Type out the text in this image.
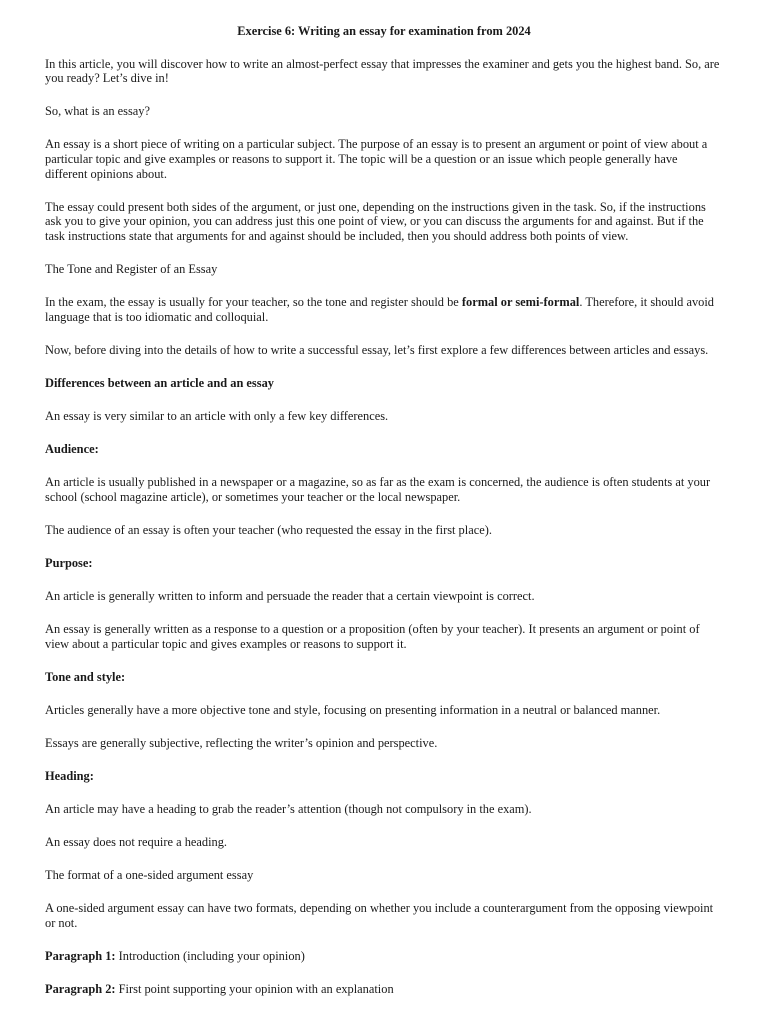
Exercise 6: Writing an essay for examination from 2024
In this article, you will discover how to write an almost-perfect essay that impresses the examiner and gets you the highest band. So, are you ready? Let’s dive in!
So, what is an essay?
An essay is a short piece of writing on a particular subject. The purpose of an essay is to present an argument or point of view about a particular topic and give examples or reasons to support it. The topic will be a question or an issue which people generally have different opinions about.
The essay could present both sides of the argument, or just one, depending on the instructions given in the task. So, if the instructions ask you to give your opinion, you can address just this one point of view, or you can discuss the arguments for and against. But if the task instructions state that arguments for and against should be included, then you should address both points of view.
The Tone and Register of an Essay
In the exam, the essay is usually for your teacher, so the tone and register should be formal or semi-formal. Therefore, it should avoid language that is too idiomatic and colloquial.
Now, before diving into the details of how to write a successful essay, let’s first explore a few differences between articles and essays.
Differences between an article and an essay
An essay is very similar to an article with only a few key differences.
Audience:
An article is usually published in a newspaper or a magazine, so as far as the exam is concerned, the audience is often students at your school (school magazine article), or sometimes your teacher or the local newspaper.
The audience of an essay is often your teacher (who requested the essay in the first place).
Purpose:
An article is generally written to inform and persuade the reader that a certain viewpoint is correct.
An essay is generally written as a response to a question or a proposition (often by your teacher). It presents an argument or point of view about a particular topic and gives examples or reasons to support it.
Tone and style:
Articles generally have a more objective tone and style, focusing on presenting information in a neutral or balanced manner.
Essays are generally subjective, reflecting the writer’s opinion and perspective.
Heading:
An article may have a heading to grab the reader’s attention (though not compulsory in the exam).
An essay does not require a heading.
The format of a one-sided argument essay
A one-sided argument essay can have two formats, depending on whether you include a counterargument from the opposing viewpoint or not.
Paragraph 1: Introduction (including your opinion)
Paragraph 2: First point supporting your opinion with an explanation
